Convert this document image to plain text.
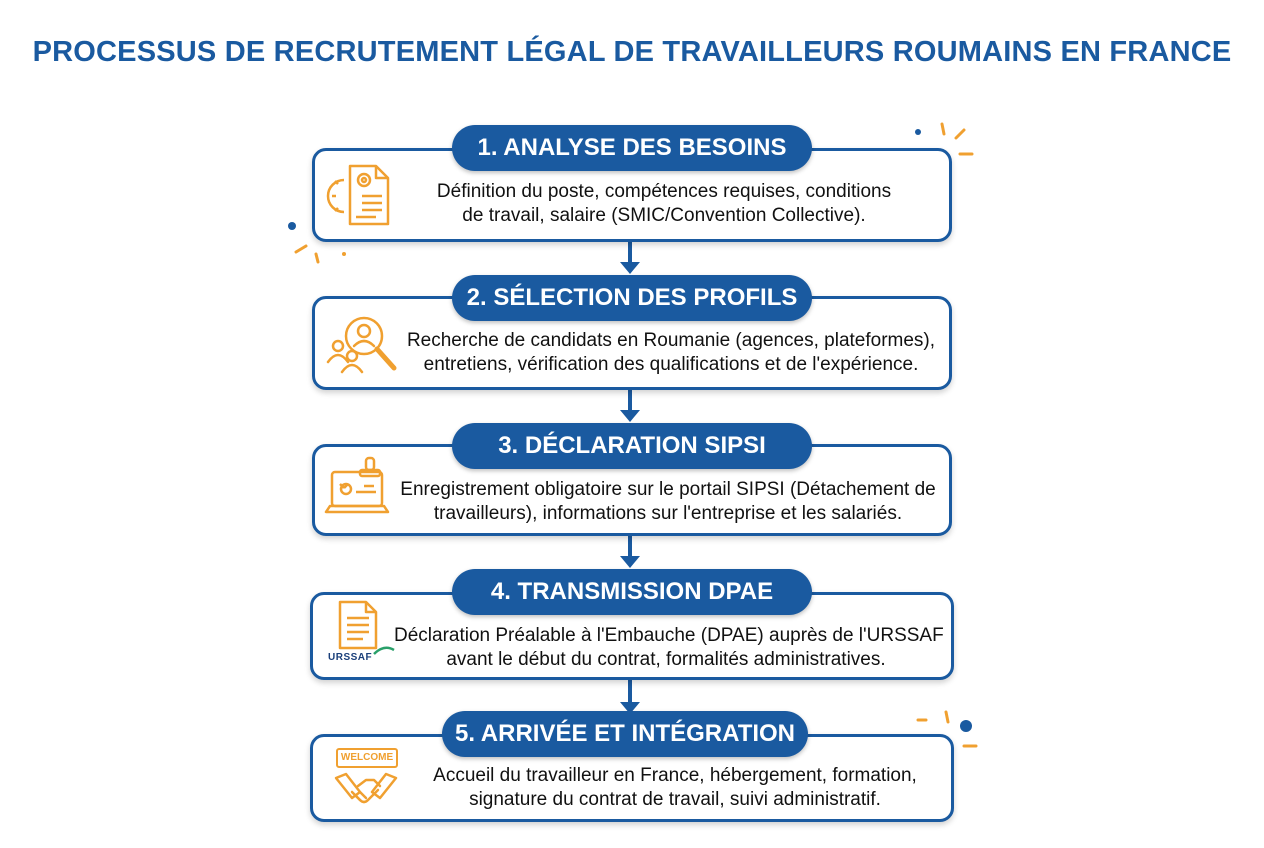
PROCESSUS DE RECRUTEMENT LÉGAL DE TRAVAILLEURS ROUMAINS EN FRANCE
Définition du poste, compétences requises, conditions
de travail, salaire (SMIC/Convention Collective).
1. ANALYSE DES BESOINS
Recherche de candidats en Roumanie (agences, plateformes),
entretiens, vérification des qualifications et de l'expérience.
2. SÉLECTION DES PROFILS
Enregistrement obligatoire sur le portail SIPSI (Détachement de
travailleurs), informations sur l'entreprise et les salariés.
3. DÉCLARATION SIPSI
URSSAF
Déclaration Préalable à l'Embauche (DPAE) auprès de l'URSSAF
avant le début du contrat, formalités administratives.
4. TRANSMISSION DPAE
WELCOME
Accueil du travailleur en France, hébergement, formation,
signature du contrat de travail, suivi administratif.
5. ARRIVÉE ET INTÉGRATION
